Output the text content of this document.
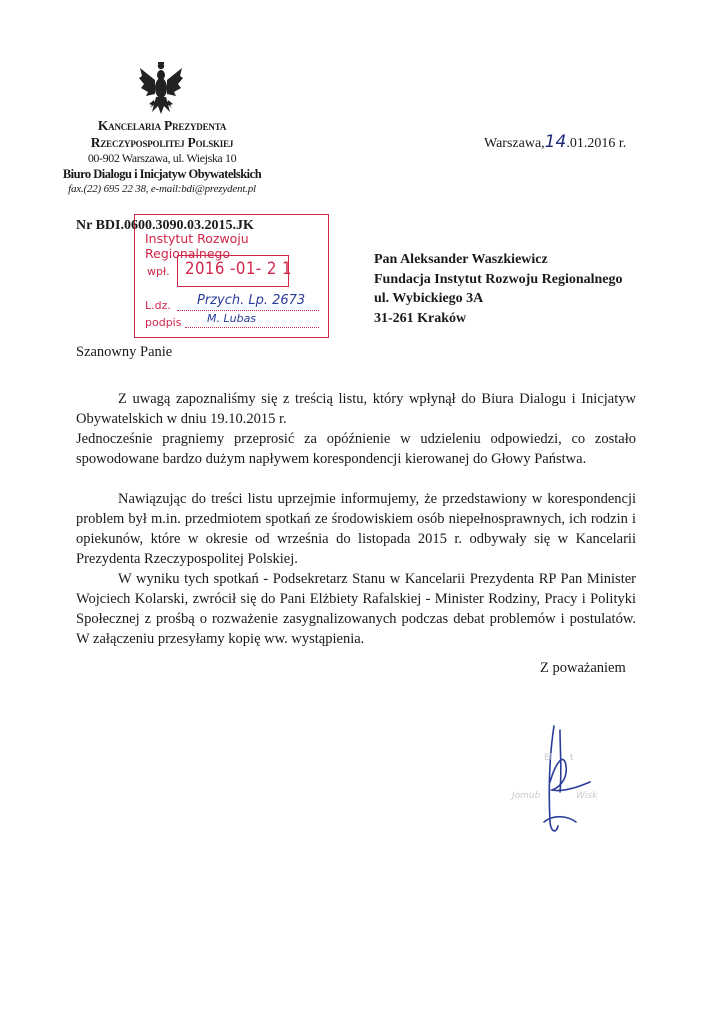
Kancelaria Prezydenta
Rzeczypospolitej Polskiej
00-902 Warszawa, ul. Wiejska 10
Biuro Dialogu i Inicjatyw Obywatelskich
fax.(22) 695 22 38, e-mail:bdi@prezydent.pl
Warszawa,14.01.2016 r.
Instytut Rozwoju Regionalnego
wpł. 2016 -01- 2 1
L.dz. Przych. Lp. 2673
podpis M. Lubas
Nr BDI.0600.3090.03.2015.JK
Pan Aleksander Waszkiewicz
Fundacja Instytut Rozwoju Regionalnego
ul. Wybickiego 3A
31-261 Kraków
Szanowny Panie
Z uwagą zapoznaliśmy się z treścią listu, który wpłynął do Biura Dialogu i Inicjatyw Obywatelskich w dniu 19.10.2015 r.
Jednocześnie pragniemy przeprosić za opóźnienie w udzieleniu odpowiedzi, co zostało spowodowane bardzo dużym napływem korespondencji kierowanej do Głowy Państwa.
Nawiązując do treści listu uprzejmie informujemy, że przedstawiony w korespondencji problem był m.in. przedmiotem spotkań ze środowiskiem osób niepełnosprawnych, ich rodzin i opiekunów, które w okresie od września do listopada 2015 r. odbywały się w Kancelarii Prezydenta Rzeczypospolitej Polskiej.
W wyniku tych spotkań - Podsekretarz Stanu w Kancelarii Prezydenta RP Pan Minister Wojciech Kolarski, zwrócił się do Pani Elżbiety Rafalskiej - Minister Rodziny, Pracy i Polityki Społecznej z prośbą o rozważenie zasygnalizowanych podczas debat problemów i postulatów. W załączeniu przesyłamy kopię ww. wystąpienia.
Z poważaniem
El t
Jomub	Wisk
